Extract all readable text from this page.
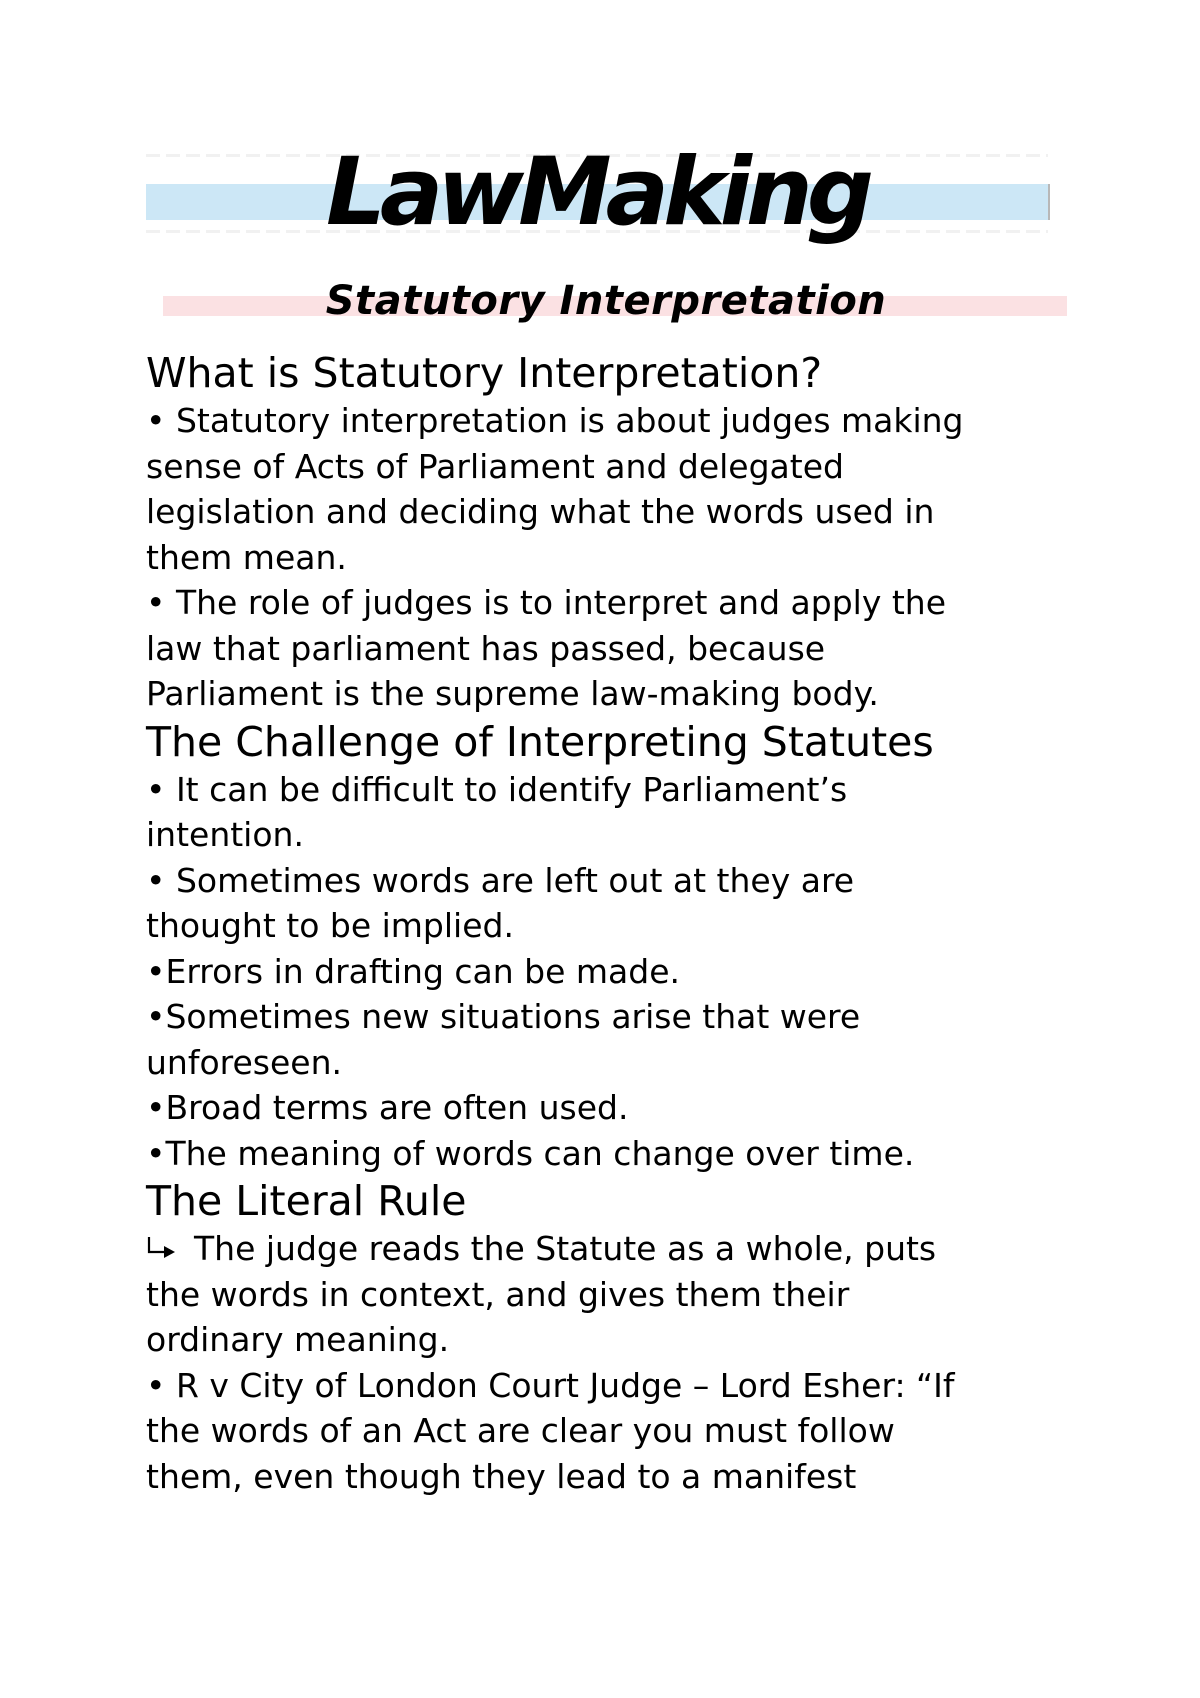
LawMaking
Statutory Interpretation
What is Statutory Interpretation?

• Statutory interpretation is about judges making

sense of Acts of Parliament and delegated

legislation and deciding what the words used in

them mean.

• The role of judges is to interpret and apply the

law that parliament has passed, because

Parliament is the supreme law-making body.

The Challenge of Interpreting Statutes

• It can be difficult to identify Parliament’s

intention.

• Sometimes words are left out at they are

thought to be implied.

•Errors in drafting can be made.

•Sometimes new situations arise that were

unforeseen.

•Broad terms are often used.

•The meaning of words can change over time.

The Literal Rule

The judge reads the Statute as a whole, puts

the words in context, and gives them their

ordinary meaning.

• R v City of London Court Judge – Lord Esher: “If

the words of an Act are clear you must follow

them, even though they lead to a manifest
